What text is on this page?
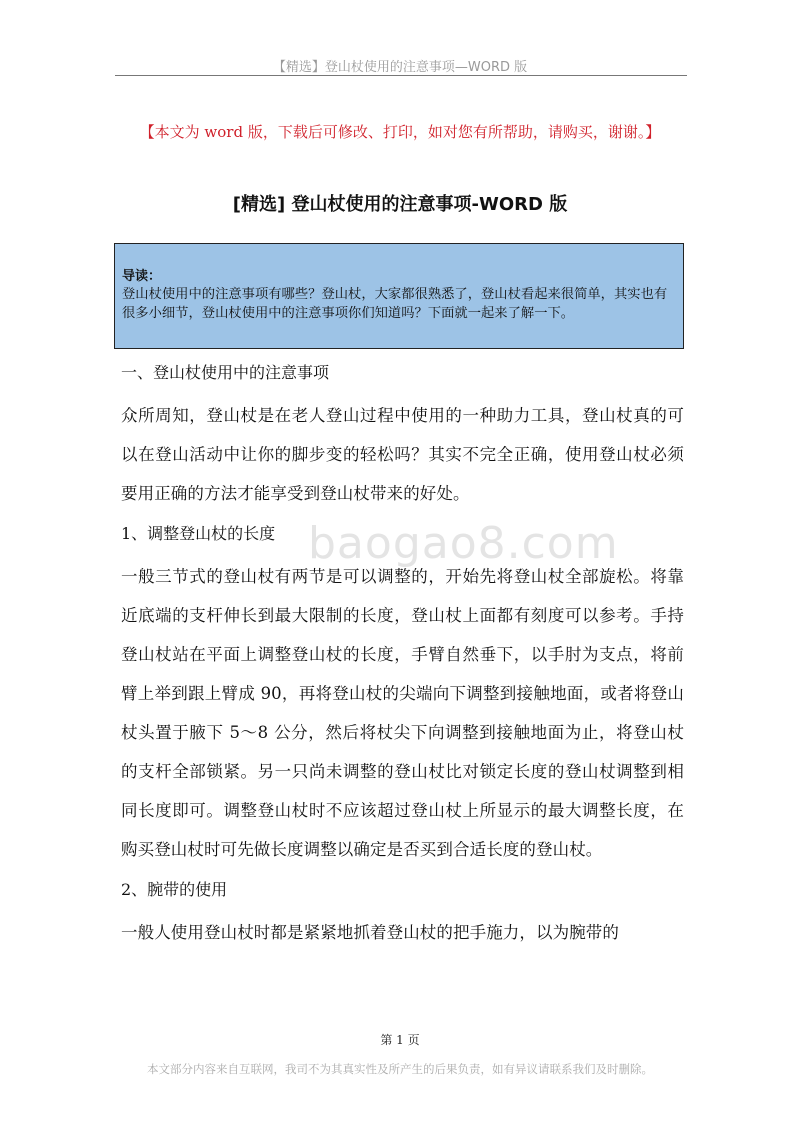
【精选】登山杖使用的注意事项—WORD 版
【本文为 word 版，下载后可修改、打印，如对您有所帮助，请购买，谢谢。】
[精选] 登山杖使用的注意事项-WORD 版
导读：
登山杖使用中的注意事项有哪些？登山杖，大家都很熟悉了，登山杖看起来很简单，其实也有很多小细节，登山杖使用中的注意事项你们知道吗？下面就一起来了解一下。
baogao8.com
一、登山杖使用中的注意事项
众所周知，登山杖是在老人登山过程中使用的一种助力工具，登山杖真的可以在登山活动中让你的脚步变的轻松吗？其实不完全正确，使用登山杖必须要用正确的方法才能享受到登山杖带来的好处。
1、调整登山杖的长度
一般三节式的登山杖有两节是可以调整的，开始先将登山杖全部旋松。将靠近底端的支杆伸长到最大限制的长度，登山杖上面都有刻度可以参考。手持登山杖站在平面上调整登山杖的长度，手臂自然垂下，以手肘为支点，将前臂上举到跟上臂成 90，再将登山杖的尖端向下调整到接触地面，或者将登山杖头置于腋下 5～8 公分，然后将杖尖下向调整到接触地面为止，将登山杖的支杆全部锁紧。另一只尚未调整的登山杖比对锁定长度的登山杖调整到相同长度即可。调整登山杖时不应该超过登山杖上所显示的最大调整长度，在购买登山杖时可先做长度调整以确定是否买到合适长度的登山杖。
2、腕带的使用
一般人使用登山杖时都是紧紧地抓着登山杖的把手施力，以为腕带的
第 1 页
本文部分内容来自互联网，我司不为其真实性及所产生的后果负责，如有异议请联系我们及时删除。
